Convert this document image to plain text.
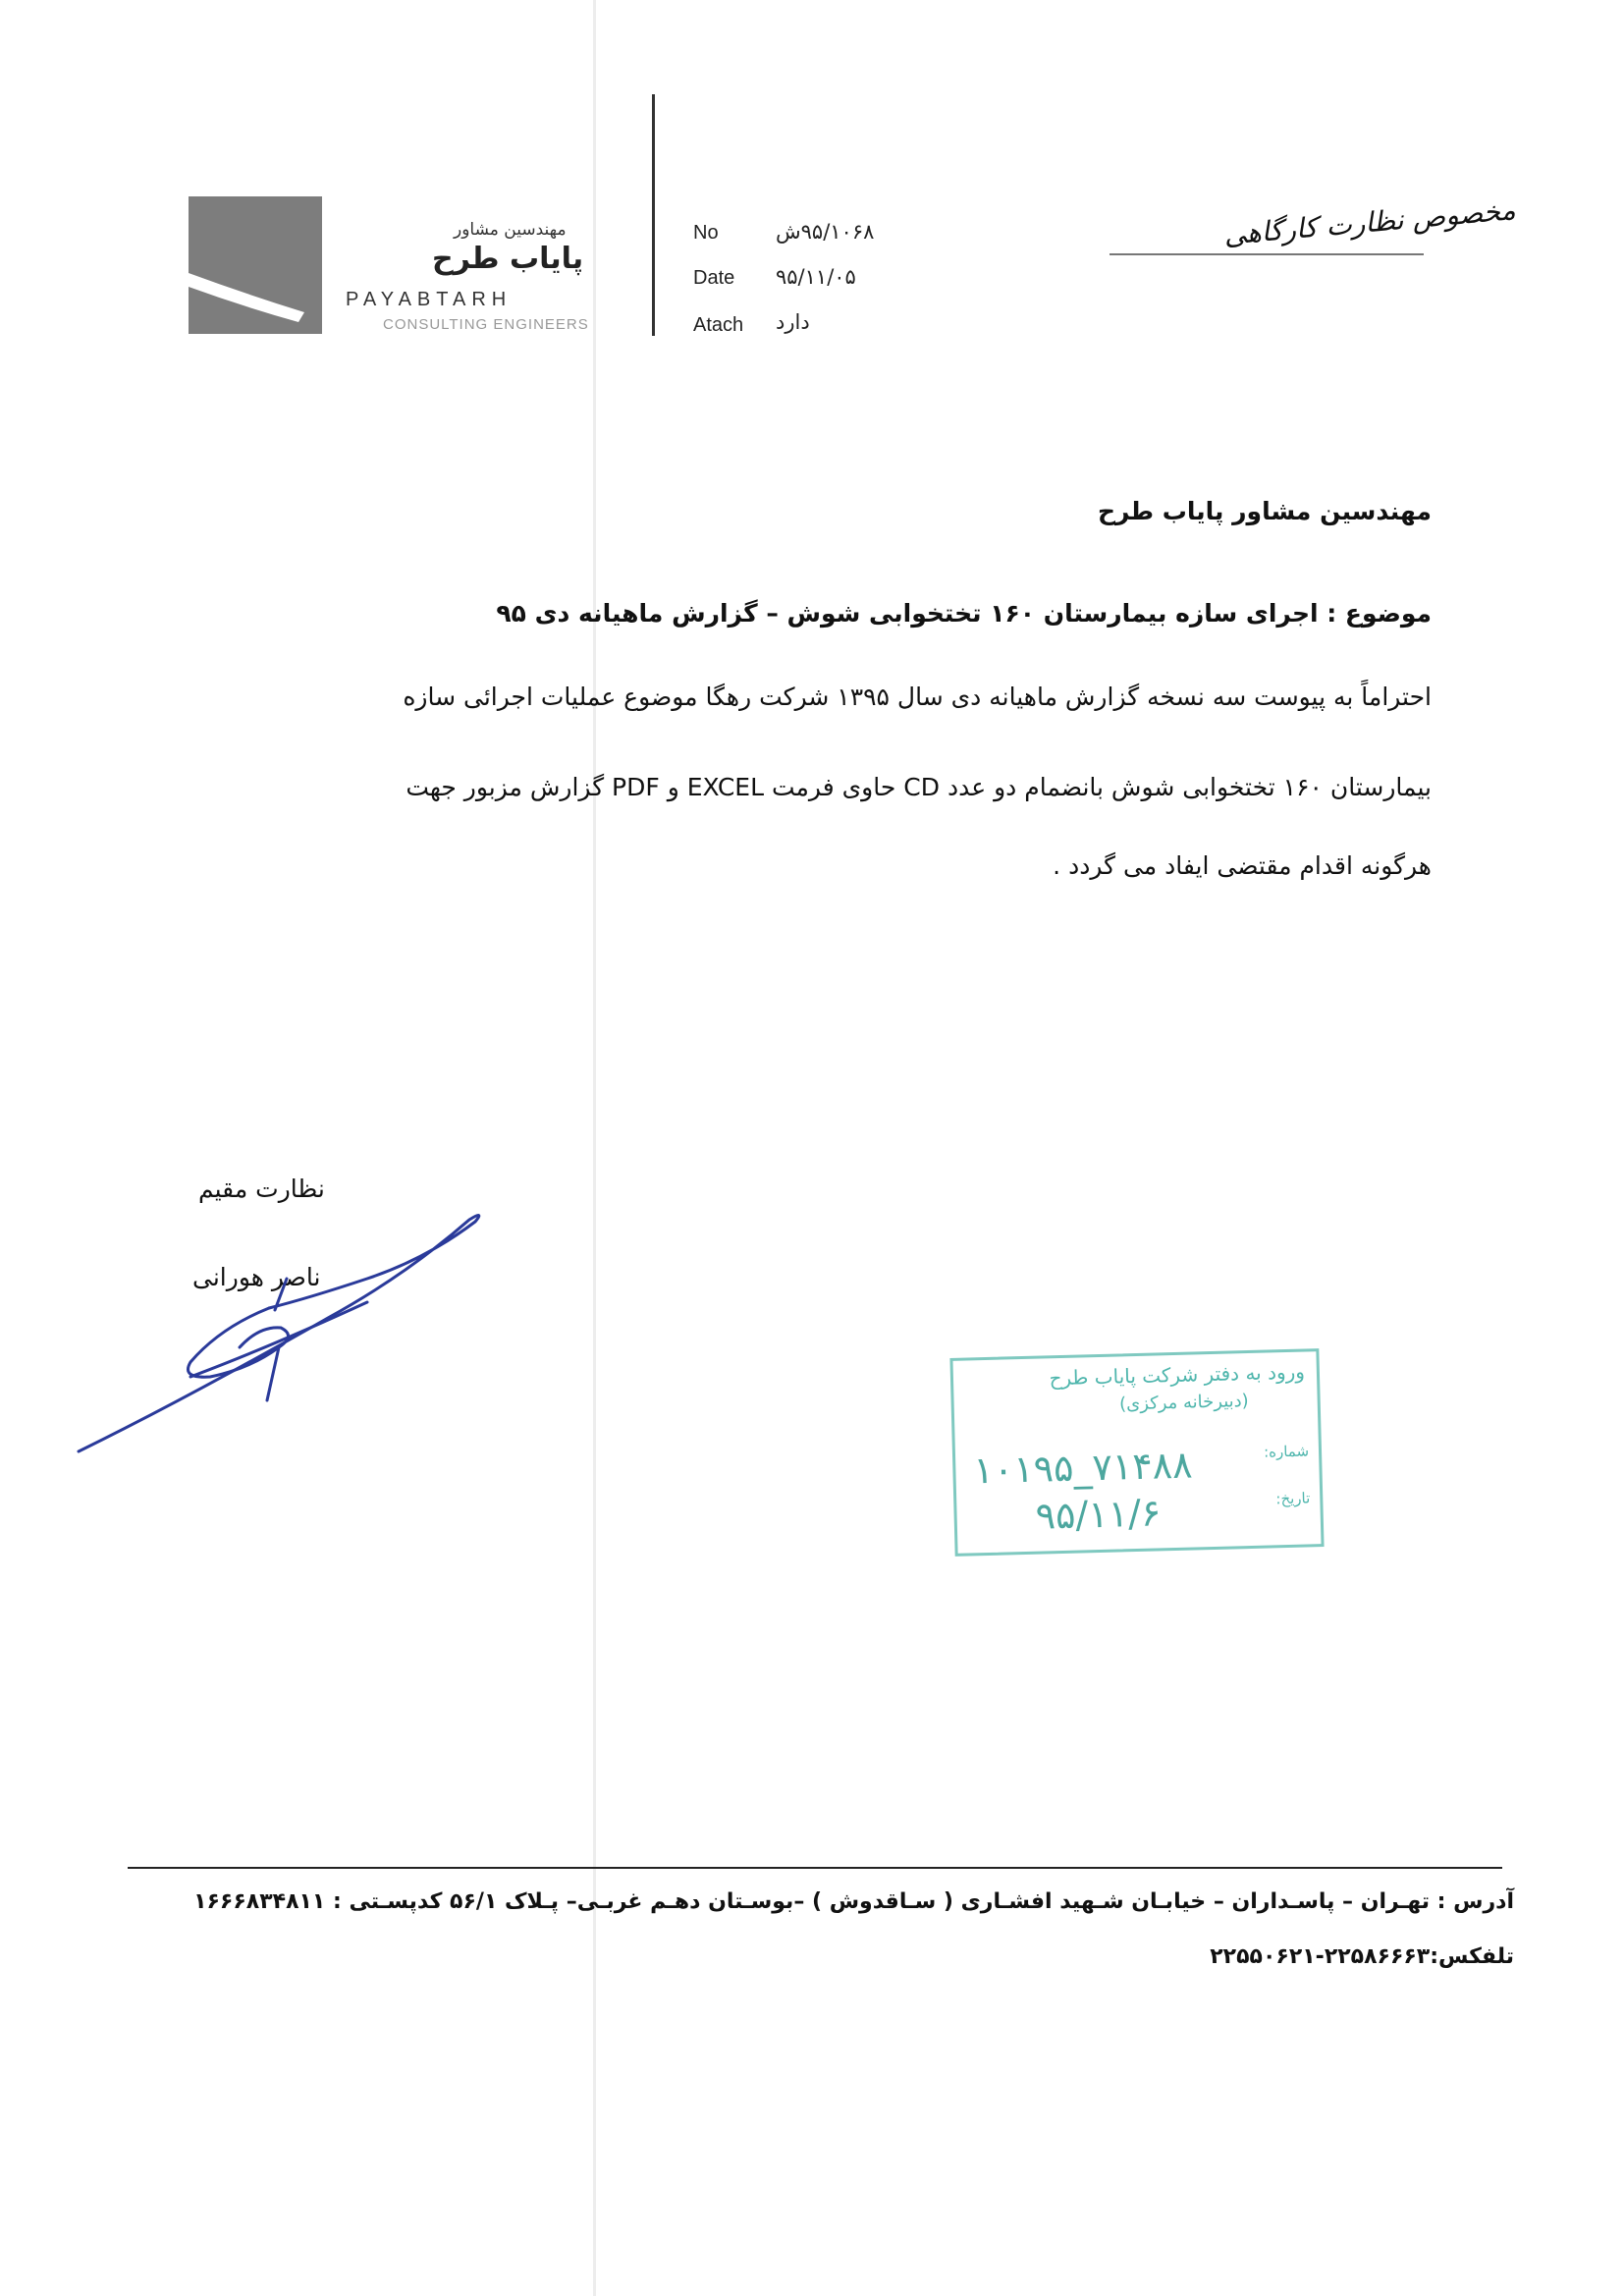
مهندسین مشاور
پایاب طرح
PAYABTARH
CONSULTING ENGINEERS
No	۹۵/۱۰۶۸ش
Date ۹۵/۱۱/۰۵
Atach دارد
مخصوص نظارت کارگاهی
مهندسین مشاور پایاب طرح
موضوع : اجرای سازه بیمارستان ۱۶۰ تختخوابی شوش – گزارش ماهیانه دی ۹۵
احتراماً به پیوست سه نسخه گزارش ماهیانه دی سال ۱۳۹۵ شرکت رهگا موضوع عملیات اجرائی سازه
بیمارستان ۱۶۰ تختخوابی شوش بانضمام دو عدد CD حاوی فرمت EXCEL و PDF گزارش مزبور جهت
هرگونه اقدام مقتضی ایفاد می گردد .
نظارت مقیم
ناصر هورانی
ورود به دفتر شرکت پایاب طرح
(دبیرخانه مرکزی)
شماره:
تاریخ:
۱۰۱۹۵_۷۱۴۸۸
۹۵/۱۱/۶
آدرس : تهـران – پاسـداران – خیابـان شـهید افشـاری ( سـاقدوش ) –بوسـتان دهـم غربـی– پـلاک ۵۶/۱ کدپسـتی : ۱۶۶۶۸۳۴۸۱۱
تلفکس:۲۲۵۸۶۶۶۳-۲۲۵۵۰۶۲۱
